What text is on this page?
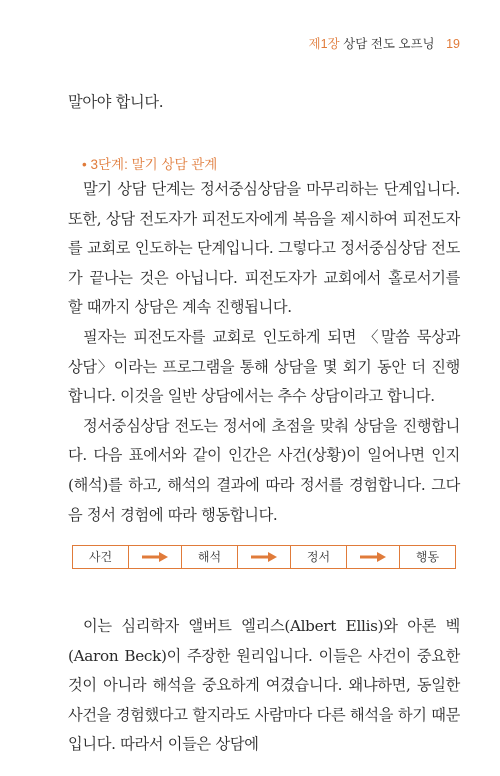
제1장 상담 전도 오프닝 19

말아야 합니다.

• 3단계: 말기 상담 관계

말기 상담 단계는 정서중심상담을 마무리하는 단계입니다. 또한, 상담 전도자가 피전도자에게 복음을 제시하여 피전도자를 교회로 인도하는 단계입니다. 그렇다고 정서중심상담 전도가 끝나는 것은 아닙니다. 피전도자가 교회에서 홀로서기를 할 때까지 상담은 계속 진행됩니다.

필자는 피전도자를 교회로 인도하게 되면 〈말씀 묵상과 상담〉이라는 프로그램을 통해 상담을 몇 회기 동안 더 진행합니다. 이것을 일반 상담에서는 추수 상담이라고 합니다.

정서중심상담 전도는 정서에 초점을 맞춰 상담을 진행합니다. 다음 표에서와 같이 인간은 사건(상황)이 일어나면 인지(해석)를 하고, 해석의 결과에 따라 정서를 경험합니다. 그다음 정서 경험에 따라 행동합니다.

사건	해석	정서	행동

이는 심리학자 앨버트 엘리스(Albert Ellis)와 아론 벡(Aaron Beck)이 주장한 원리입니다. 이들은 사건이 중요한 것이 아니라 해석을 중요하게 여겼습니다. 왜냐하면, 동일한 사건을 경험했다고 할지라도 사람마다 다른 해석을 하기 때문입니다. 따라서 이들은 상담에
